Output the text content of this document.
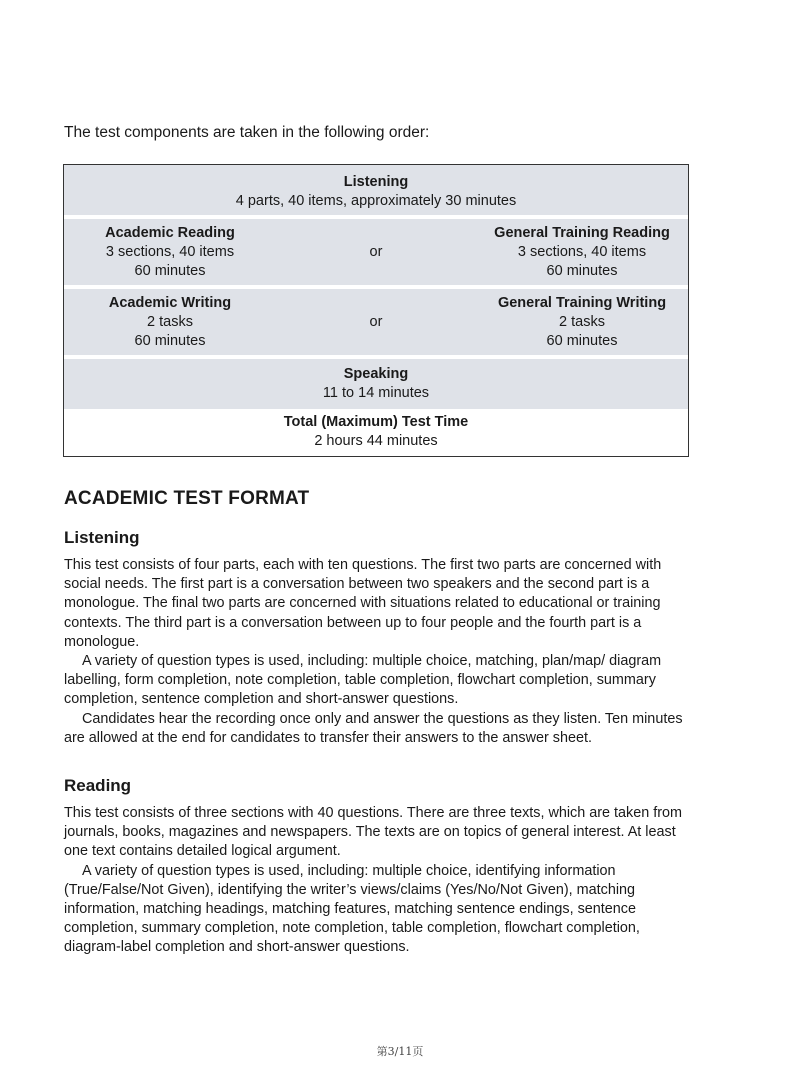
The test components are taken in the following order:

Listening
4 parts, 40 items, approximately 30 minutes
Academic Reading
3 sections, 40 items
60 minutes
or
General Training Reading
3 sections, 40 items
60 minutes
Academic Writing
2 tasks
60 minutes
or
General Training Writing
2 tasks
60 minutes
Speaking
11 to 14 minutes
Total (Maximum) Test Time
2 hours 44 minutes
ACADEMIC TEST FORMAT
Listening

This test consists of four parts, each with ten questions. The first two parts are concerned with social needs. The first part is a conversation between two speakers and the second part is a monologue. The final two parts are concerned with situations related to educational or training contexts. The third part is a conversation between up to four people and the fourth part is a monologue.

A variety of question types is used, including: multiple choice, matching, plan/map/ diagram labelling, form completion, note completion, table completion, flowchart completion, summary completion, sentence completion and short-answer questions.

Candidates hear the recording once only and answer the questions as they listen. Ten minutes are allowed at the end for candidates to transfer their answers to the answer sheet.

Reading

This test consists of three sections with 40 questions. There are three texts, which are taken from journals, books, magazines and newspapers. The texts are on topics of general interest. At least one text contains detailed logical argument.

A variety of question types is used, including: multiple choice, identifying information (True/False/Not Given), identifying the writer’s views/claims (Yes/No/Not Given), matching information, matching headings, matching features, matching sentence endings, sentence completion, summary completion, note completion, table completion, flowchart completion, diagram-label completion and short-answer questions.

第3/11页
